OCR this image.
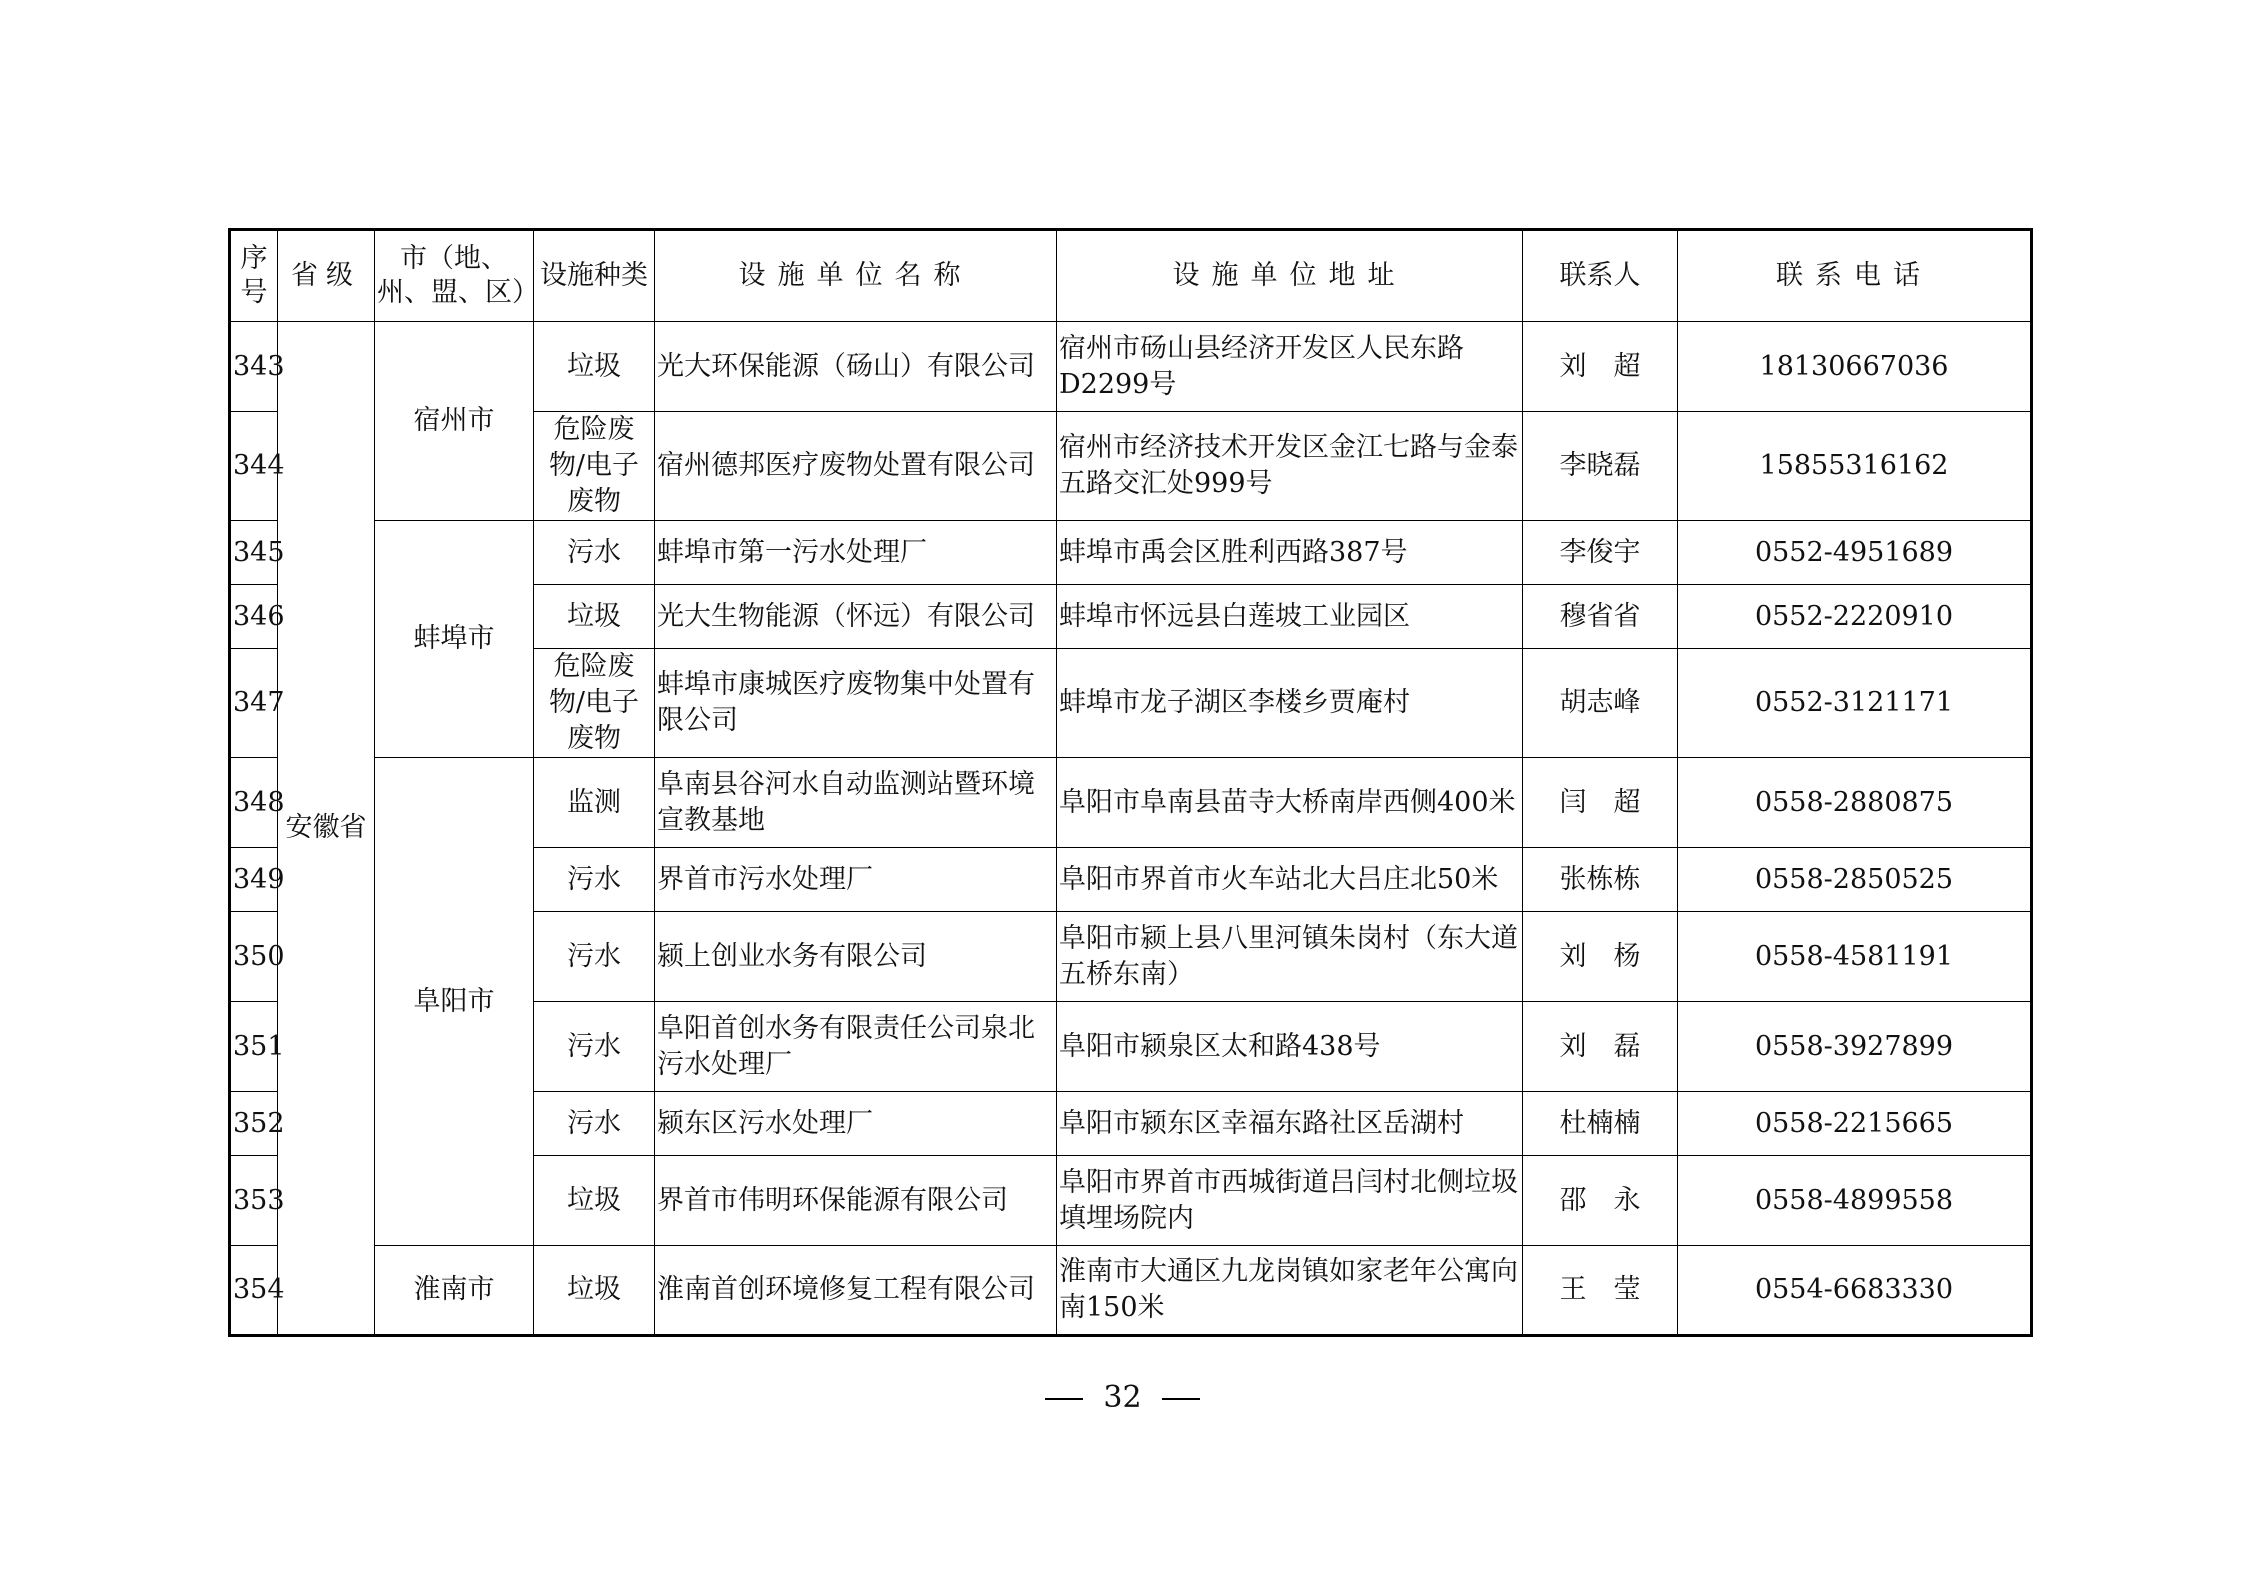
序号	省级	市（地、州、盟、区）	设施种类	设施单位名称	设施单位地址	联系人	联系电话
343	安徽省	宿州市	垃圾	光大环保能源（砀山）有限公司	宿州市砀山县经济开发区人民东路D2299号	刘　超	18130667036
344			危险废物/电子废物	宿州德邦医疗废物处置有限公司	宿州市经济技术开发区金江七路与金泰五路交汇处999号	李晓磊	15855316162
345		蚌埠市	污水	蚌埠市第一污水处理厂	蚌埠市禹会区胜利西路387号	李俊宇	0552-4951689
346			垃圾	光大生物能源（怀远）有限公司	蚌埠市怀远县白莲坡工业园区	穆省省	0552-2220910
347			危险废物/电子废物	蚌埠市康城医疗废物集中处置有限公司	蚌埠市龙子湖区李楼乡贾庵村	胡志峰	0552-3121171
348		阜阳市	监测	阜南县谷河水自动监测站暨环境宣教基地	阜阳市阜南县苗寺大桥南岸西侧400米	闫　超	0558-2880875
349			污水	界首市污水处理厂	阜阳市界首市火车站北大吕庄北50米	张栋栋	0558-2850525
350			污水	颍上创业水务有限公司	阜阳市颍上县八里河镇朱岗村（东大道五桥东南）	刘　杨	0558-4581191
351			污水	阜阳首创水务有限责任公司泉北污水处理厂	阜阳市颍泉区太和路438号	刘　磊	0558-3927899
352			污水	颍东区污水处理厂	阜阳市颍东区幸福东路社区岳湖村	杜楠楠	0558-2215665
353			垃圾	界首市伟明环保能源有限公司	阜阳市界首市西城街道吕闫村北侧垃圾填埋场院内	邵　永	0558-4899558
354		淮南市	垃圾	淮南首创环境修复工程有限公司	淮南市大通区九龙岗镇如家老年公寓向南150米	王　莹	0554-6683330
32
